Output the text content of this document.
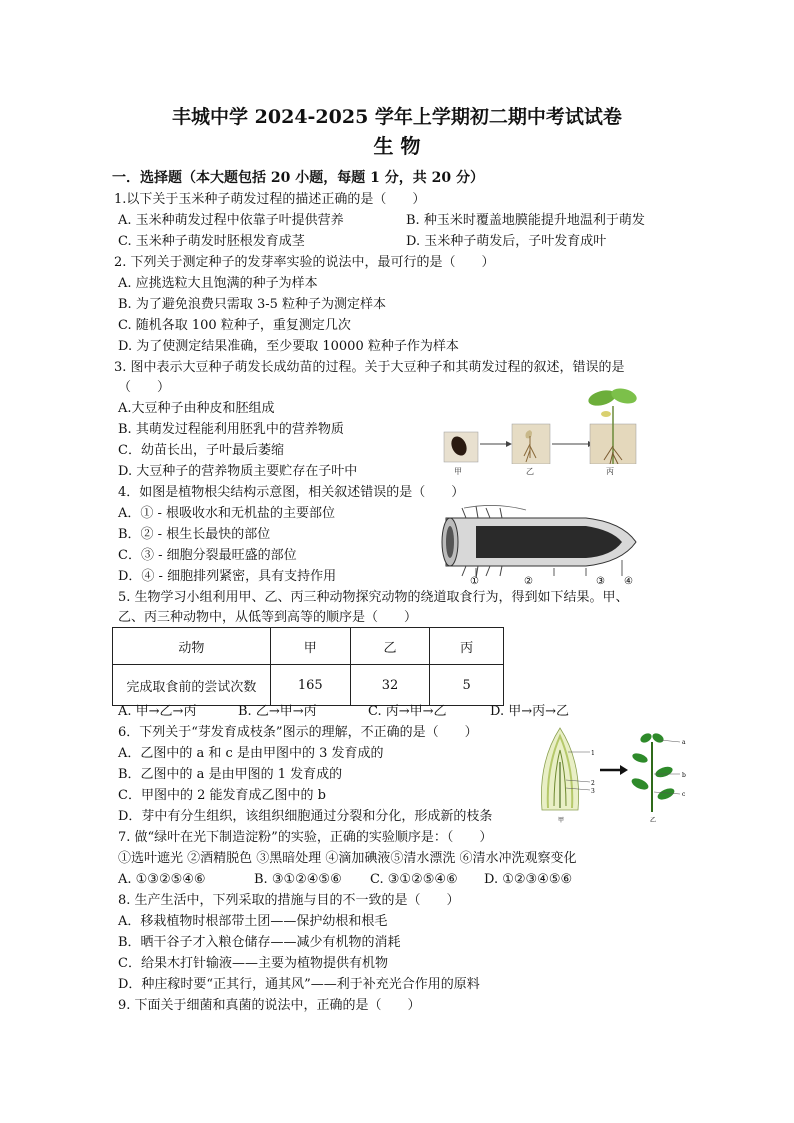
丰城中学 2024-2025 学年上学期初二期中考试试卷
生 物
一．选择题（本大题包括 20 小题，每题 1 分，共 20 分）
1.以下关于玉米种子萌发过程的描述正确的是（　　）
A. 玉米种萌发过程中依靠子叶提供营养	B. 种玉米时覆盖地膜能提升地温利于萌发
C. 玉米种子萌发时胚根发育成茎	D. 玉米种子萌发后，子叶发育成叶
2. 下列关于测定种子的发芽率实验的说法中，最可行的是（　　）
A. 应挑选粒大且饱满的种子为样本
B. 为了避免浪费只需取 3-5 粒种子为测定样本
C. 随机各取 100 粒种子，重复测定几次
D. 为了使测定结果准确，至少要取 10000 粒种子作为样本
3. 图中表示大豆种子萌发长成幼苗的过程。关于大豆种子和其萌发过程的叙述，错误的是
（　　）
A.大豆种子由种皮和胚组成
B. 其萌发过程能利用胚乳中的营养物质
C．幼苗长出，子叶最后萎缩
D. 大豆种子的营养物质主要贮存在子叶中	甲	乙	丙
4．如图是植物根尖结构示意图，相关叙述错误的是（　　）
A．① - 根吸收水和无机盐的主要部位
B．② - 根生长最快的部位
C．③ - 细胞分裂最旺盛的部位
D．④ - 细胞排列紧密，具有支持作用	①	②	③ ④
5. 生物学习小组利用甲、乙、丙三种动物探究动物的绕道取食行为，得到如下结果。甲、
乙、丙三种动物中，从低等到高等的顺序是（　　）
动物	甲	乙	丙
完成取食前的尝试次数	165	32	5
A. 甲→乙→丙	B. 乙→甲→丙	C. 丙→甲→乙	D. 甲→丙→乙
6．下列关于“芽发育成枝条”图示的理解，不正确的是（　　）
A．乙图中的 a 和 c 是由甲图中的 3 发育成的
B．乙图中的 a 是由甲图的 1 发育成的
C．甲图中的 2 能发育成乙图中的 b
D．芽中有分生组织，该组织细胞通过分裂和分化，形成新的枝条
1
2
3
甲
a
b
c
乙
7. 做“绿叶在光下制造淀粉”的实验，正确的实验顺序是：（　　）
①选叶遮光 ②酒精脱色 ③黑暗处理 ④滴加碘液⑤清水漂洗 ⑥清水冲洗观察变化
A. ①③②⑤④⑥	B. ③①②④⑤⑥ C. ③①②⑤④⑥ D. ①②③④⑤⑥
8. 生产生活中，下列采取的措施与目的不一致的是（　　）
A．移栽植物时根部带土团——保护幼根和根毛
B．晒干谷子才入粮仓储存——减少有机物的消耗
C．给果木打针输液——主要为植物提供有机物
D．种庄稼时要“正其行，通其风”——利于补充光合作用的原料
9. 下面关于细菌和真菌的说法中，正确的是（　　）
